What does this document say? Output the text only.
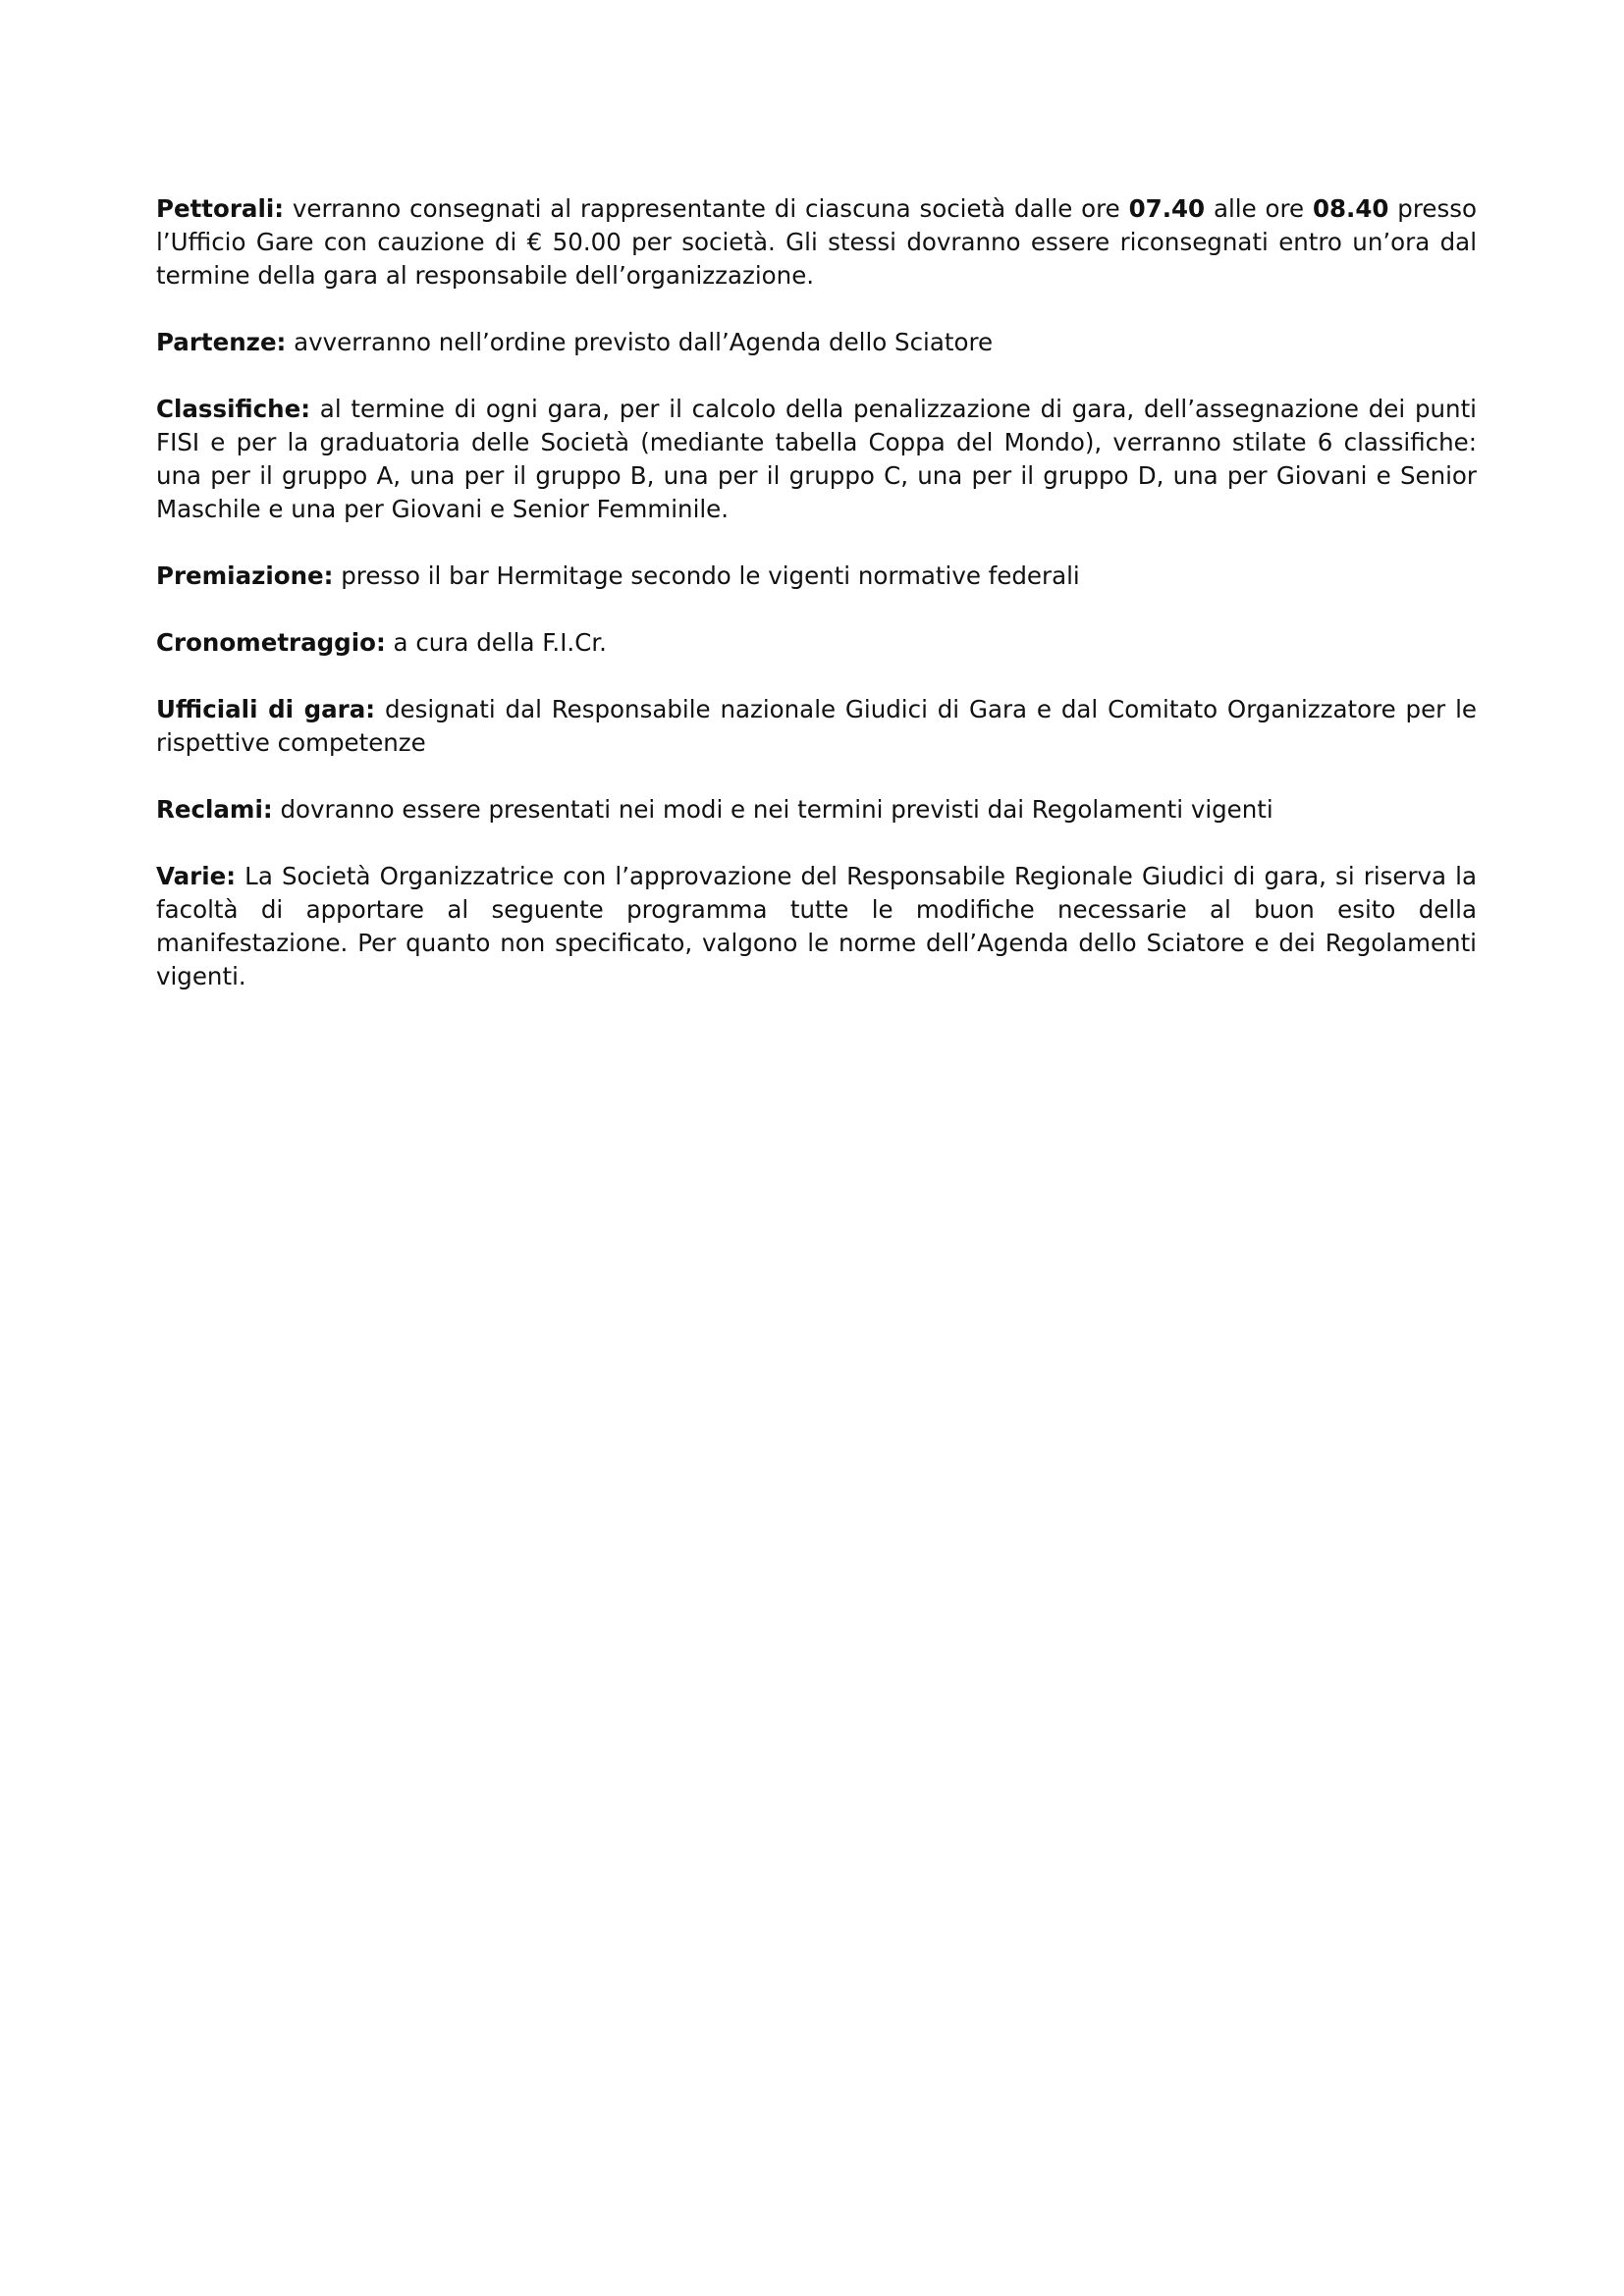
Pettorali: verranno consegnati al rappresentante di ciascuna società dalle ore 07.40 alle ore 08.40 presso l’Ufficio Gare con cauzione di € 50.00 per società. Gli stessi dovranno essere riconsegnati entro un’ora dal termine della gara al responsabile dell’organizzazione.

Partenze: avverranno nell’ordine previsto dall’Agenda dello Sciatore

Classifiche: al termine di ogni gara, per il calcolo della penalizzazione di gara, dell’assegnazione dei punti FISI e per la graduatoria delle Società (mediante tabella Coppa del Mondo), verranno stilate 6 classifiche: una per il gruppo A, una per il gruppo B, una per il gruppo C, una per il gruppo D, una per Giovani e Senior Maschile e una per Giovani e Senior Femminile.

Premiazione: presso il bar Hermitage secondo le vigenti normative federali

Cronometraggio: a cura della F.I.Cr.

Ufficiali di gara: designati dal Responsabile nazionale Giudici di Gara e dal Comitato Organizzatore per le rispettive competenze

Reclami: dovranno essere presentati nei modi e nei termini previsti dai Regolamenti vigenti

Varie: La Società Organizzatrice con l’approvazione del Responsabile Regionale Giudici di gara, si riserva la facoltà di apportare al seguente programma tutte le modifiche necessarie al buon esito della manifestazione. Per quanto non specificato, valgono le norme dell’Agenda dello Sciatore e dei Regolamenti vigenti.
